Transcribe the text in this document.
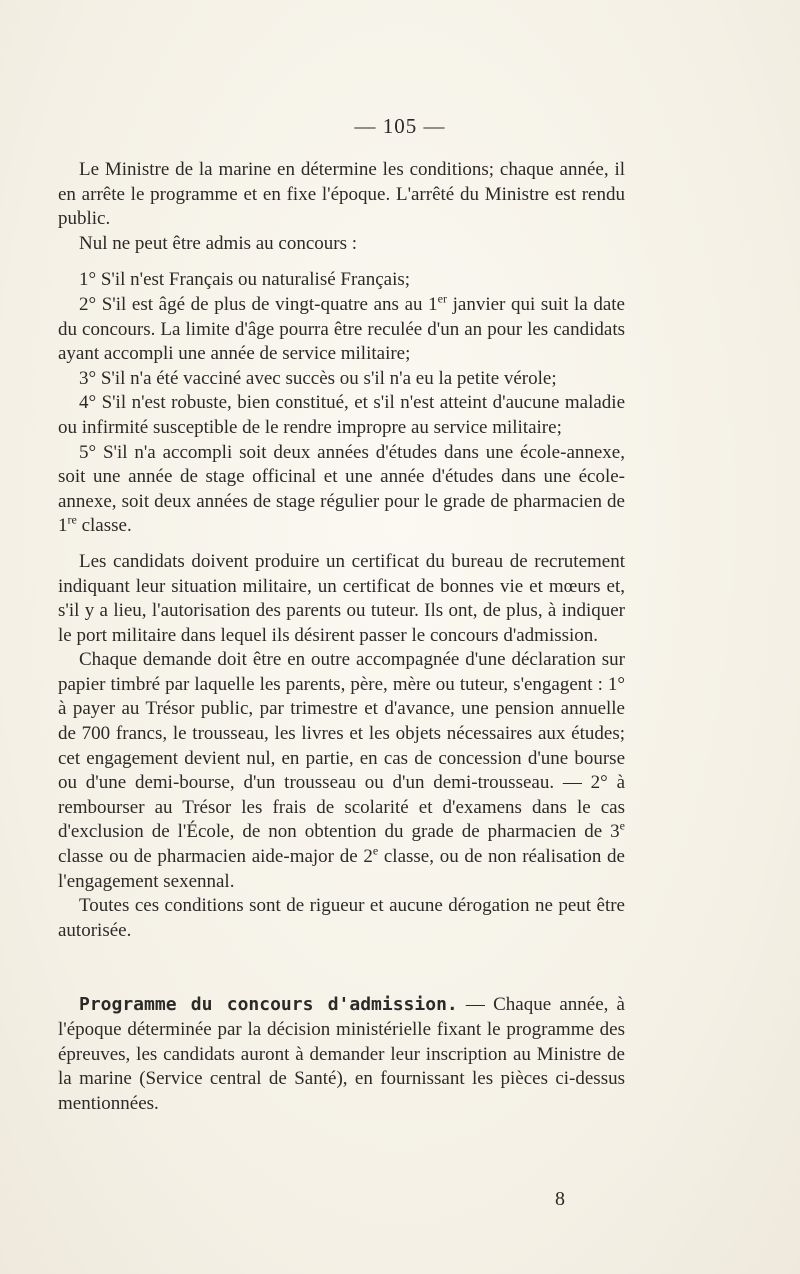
— 105 —

Le Ministre de la marine en détermine les conditions; chaque année, il en arrête le programme et en fixe l'époque. L'arrêté du Ministre est rendu public.

Nul ne peut être admis au concours :

1° S'il n'est Français ou naturalisé Français;

2° S'il est âgé de plus de vingt-quatre ans au 1er janvier qui suit la date du concours. La limite d'âge pourra être reculée d'un an pour les candidats ayant accompli une année de service militaire;

3° S'il n'a été vacciné avec succès ou s'il n'a eu la petite vérole;

4° S'il n'est robuste, bien constitué, et s'il n'est atteint d'aucune maladie ou infirmité susceptible de le rendre impropre au service militaire;

5° S'il n'a accompli soit deux années d'études dans une école-annexe, soit une année de stage officinal et une année d'études dans une école-annexe, soit deux années de stage régulier pour le grade de pharmacien de 1re classe.

Les candidats doivent produire un certificat du bureau de recrutement indiquant leur situation militaire, un certificat de bonnes vie et mœurs et, s'il y a lieu, l'autorisation des parents ou tuteur. Ils ont, de plus, à indiquer le port militaire dans lequel ils désirent passer le concours d'admission.

Chaque demande doit être en outre accompagnée d'une déclaration sur papier timbré par laquelle les parents, père, mère ou tuteur, s'engagent : 1° à payer au Trésor public, par trimestre et d'avance, une pension annuelle de 700 francs, le trousseau, les livres et les objets nécessaires aux études; cet engagement devient nul, en partie, en cas de concession d'une bourse ou d'une demi-bourse, d'un trousseau ou d'un demi-trousseau. — 2° à rembourser au Trésor les frais de scolarité et d'examens dans le cas d'exclusion de l'École, de non obtention du grade de pharmacien de 3e classe ou de pharmacien aide-major de 2e classe, ou de non réalisation de l'engagement sexennal.

Toutes ces conditions sont de rigueur et aucune dérogation ne peut être autorisée.

Programme du concours d'admission. — Chaque année, à l'époque déterminée par la décision ministérielle fixant le programme des épreuves, les candidats auront à demander leur inscription au Ministre de la marine (Service central de Santé), en fournissant les pièces ci-dessus mentionnées.

8
